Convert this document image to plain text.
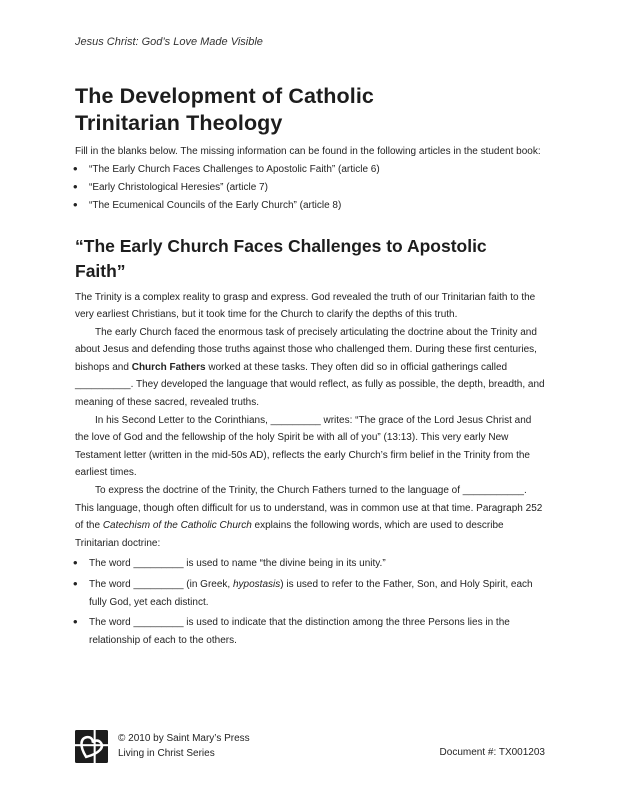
Jesus Christ: God’s Love Made Visible
The Development of Catholic
Trinitarian Theology
Fill in the blanks below. The missing information can be found in the following articles in the student book:
• “The Early Church Faces Challenges to Apostolic Faith” (article 6)
• “Early Christological Heresies” (article 7)
• “The Ecumenical Councils of the Early Church” (article 8)
“The Early Church Faces Challenges to Apostolic
Faith”

The Trinity is a complex reality to grasp and express. God revealed the truth of our Trinitarian faith to the very earliest Christians, but it took time for the Church to clarify the depths of this truth.

The early Church faced the enormous task of precisely articulating the doctrine about the Trinity and about Jesus and defending those truths against those who challenged them. During these first centuries, bishops and Church Fathers worked at these tasks. They often did so in official gatherings called __________. They developed the language that would reflect, as fully as possible, the depth, breadth, and meaning of these sacred, revealed truths.

In his Second Letter to the Corinthians, _________ writes: “The grace of the Lord Jesus Christ and the love of God and the fellowship of the holy Spirit be with all of you” (13:13). This very early New Testament letter (written in the mid-50s AD), reflects the early Church’s firm belief in the Trinity from the earliest times.

To express the doctrine of the Trinity, the Church Fathers turned to the language of ___________. This language, though often difficult for us to understand, was in common use at that time. Paragraph 252 of the Catechism of the Catholic Church explains the following words, which are used to describe Trinitarian doctrine:

• The word _________ is used to name “the divine being in its unity.”
• The word _________ (in Greek, hypostasis) is used to refer to the Father, Son, and Holy Spirit, each fully God, yet each distinct.
• The word _________ is used to indicate that the distinction among the three Persons lies in the relationship of each to the others.
© 2010 by Saint Mary’s Press
Living in Christ Series	Document #: TX001203
